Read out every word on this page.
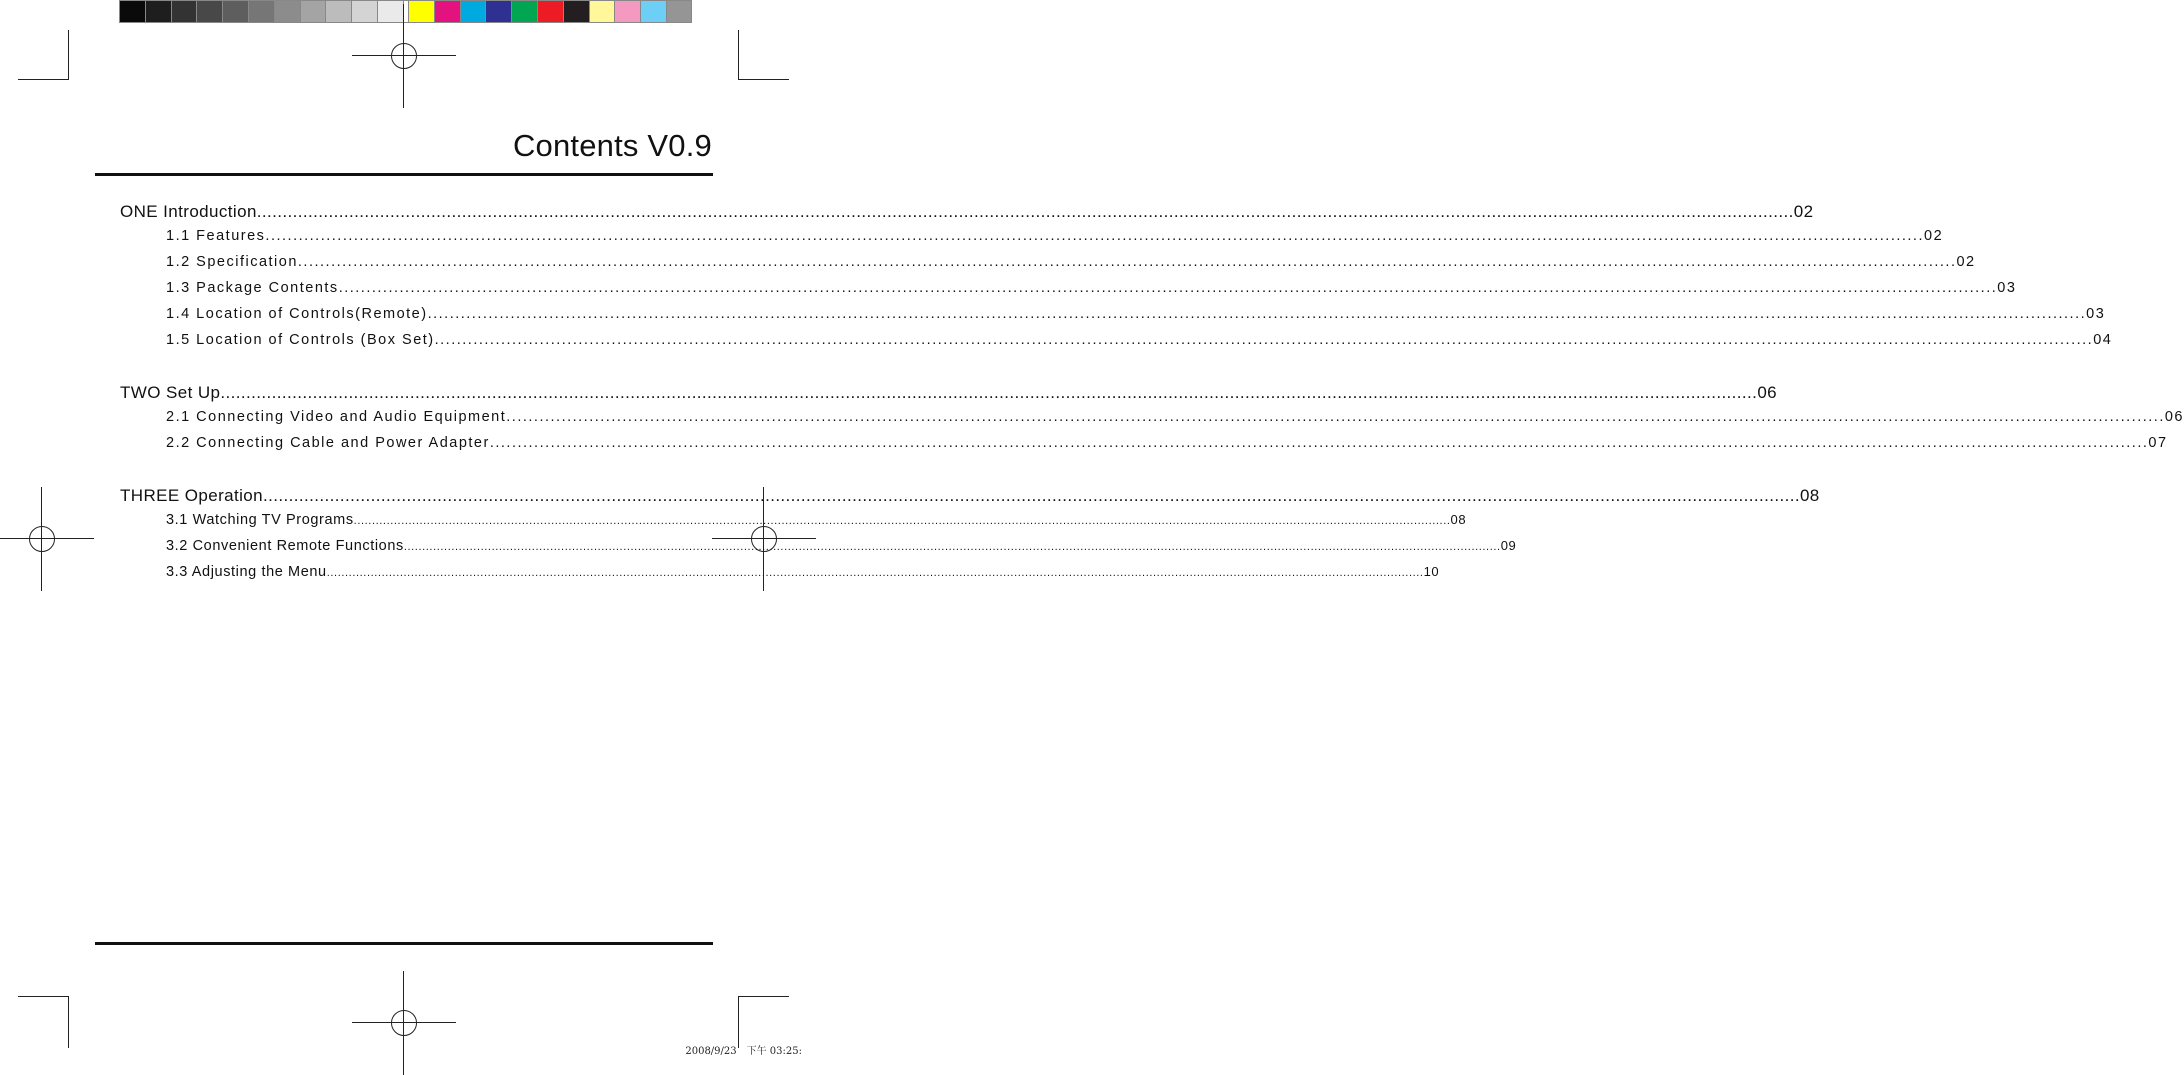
Contents V0.9
ONE Introduction ............................................................................................................................................................................................................................................................................................................ 02
1.1 Features ............................................................................................................................................................................................................................................................................................................ 02
1.2 Specification ............................................................................................................................................................................................................................................................................................................ 02
1.3 Package Contents ............................................................................................................................................................................................................................................................................................................ 03
1.4 Location of Controls(Remote) ............................................................................................................................................................................................................................................................................................................ 03
1.5 Location of Controls (Box Set) ............................................................................................................................................................................................................................................................................................................ 04
TWO Set Up ............................................................................................................................................................................................................................................................................................................ 06
2.1 Connecting Video and Audio Equipment ............................................................................................................................................................................................................................................................................................................ 06
2.2 Connecting Cable and Power Adapter ............................................................................................................................................................................................................................................................................................................ 07
THREE Operation ............................................................................................................................................................................................................................................................................................................ 08
3.1 Watching TV Programs ............................................................................................................................................................................................................................................................................................................ 08
3.2 Convenient Remote Functions ............................................................................................................................................................................................................................................................................................................ 09
3.3 Adjusting the Menu ............................................................................................................................................................................................................................................................................................................ 10
2008/9/23　下午 03:25:
